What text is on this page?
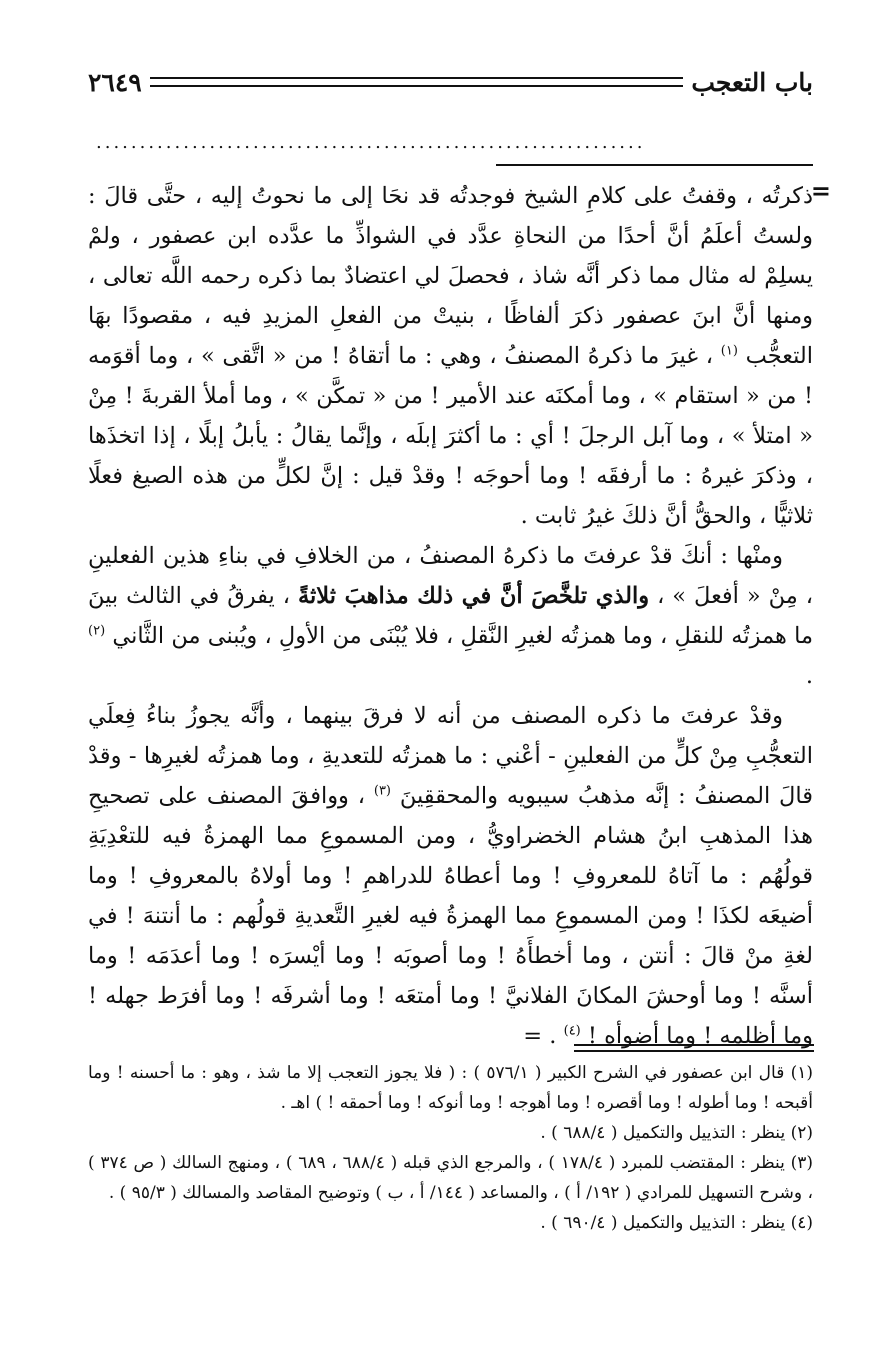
باب التعجب
٢٦٤٩
...............................................................
=

ذكرتُه ، وقفتُ على كلامِ الشيخ فوجدتُه قد نحَا إلى ما نحوتُ إليه ، حتَّى قالَ : ولستُ أعلَمُ أنَّ أحدًا من النحاةِ عدَّد في الشواذِّ ما عدَّده ابن عصفور ، ولمْ يسلِمْ له مثال مما ذكر أنَّه شاذ ، فحصلَ لي اعتضادٌ بما ذكره رحمه اللَّه تعالى ، ومنها أنَّ ابنَ عصفور ذكرَ ألفاظًا ، بنيتْ من الفعلِ المزيدِ فيه ، مقصودًا بهَا التعجُّب $^{(١)}$ ، غيرَ ما ذكرهُ المصنفُ ، وهي : ما أتقاهُ ! من « اتَّقى » ، وما أقوَمه ! من « استقام » ، وما أمكنَه عند الأمير ! من « تمكَّن » ، وما أملأ القربةَ ! مِنْ « امتلأ » ، وما آبل الرجلَ ! أي : ما أكثرَ إبلَه ، وإنَّما يقالُ : يأبلُ إبلًا ، إذا اتخذَها ، وذكرَ غيرهُ : ما أرفقَه ! وما أحوجَه ! وقدْ قيل : إنَّ لكلٍّ من هذه الصيغ فعلًا ثلاثيًّا ، والحقُّ أنَّ ذلكَ غيرُ ثابت .

ومنْها : أنكَ قدْ عرفتَ ما ذكرهُ المصنفُ ، من الخلافِ في بناءِ هذين الفعلينِ ، مِنْ « أفعلَ » ، والذي تلخَّصَ أنَّ في ذلك مذاهبَ ثلاثةً ، يفرقُ في الثالث بينَ ما همزتُه للنقلِ ، وما همزتُه لغيرِ النَّقلِ ، فلا يُبْنَى من الأولِ ، ويُبنى من الثَّاني $^{(٢)}$ .

وقدْ عرفتَ ما ذكره المصنف من أنه لا فرقَ بينهما ، وأنَّه يجوزُ بناءُ فِعلَي التعجُّبِ مِنْ كلٍّ من الفعلينِ - أعْني : ما همزتُه للتعديةِ ، وما همزتُه لغيرِها - وقدْ قالَ المصنفُ : إنَّه مذهبُ سيبويه والمحققِينَ $^{(٣)}$ ، ووافقَ المصنف على تصحيحِ هذا المذهبِ ابنُ هشام الخضراويُّ ، ومن المسموعِ مما الهمزةُ فيه للتعْدِيَةِ قولُهُم : ما آتاهُ للمعروفِ ! وما أعطاهُ للدراهمِ ! وما أولاهُ بالمعروفِ ! وما أضيعَه لكذَا ! ومن المسموعِ مما الهمزةُ فيه لغيرِ التَّعديةِ قولُهم : ما أنتنهَ ! في لغةِ منْ قالَ : أنتن ، وما أخطأَهُ ! وما أصوبَه ! وما أيْسرَه ! وما أعدَمَه ! وما أسنَّه ! وما أوحشَ المكانَ الفلانيَّ ! وما أمتعَه ! وما أشرفَه ! وما أفرَط جهله ! وما أظلمه ! وما أضوأه ! $^{(٤)}$ . =

(١) قال ابن عصفور في الشرح الكبير ( ٥٧٦/١ ) : ( فلا يجوز التعجب إلا ما شذ ، وهو : ما أحسنه ! وما أقبحه ! وما أطوله ! وما أقصره ! وما أهوجه ! وما أنوكه ! وما أحمقه ! ) اهـ .

(٢) ينظر : التذييل والتكميل ( ٦٨٨/٤ ) .

(٣) ينظر : المقتضب للمبرد ( ١٧٨/٤ ) ، والمرجع الذي قبله ( ٦٨٨/٤ ، ٦٨٩ ) ، ومنهج السالك ( ص ٣٧٤ ) ، وشرح التسهيل للمرادي ( ١٩٢/ أ ) ، والمساعد ( ١٤٤/ أ ، ب ) وتوضيح المقاصد والمسالك ( ٩٥/٣ ) .

(٤) ينظر : التذييل والتكميل ( ٦٩٠/٤ ) .
